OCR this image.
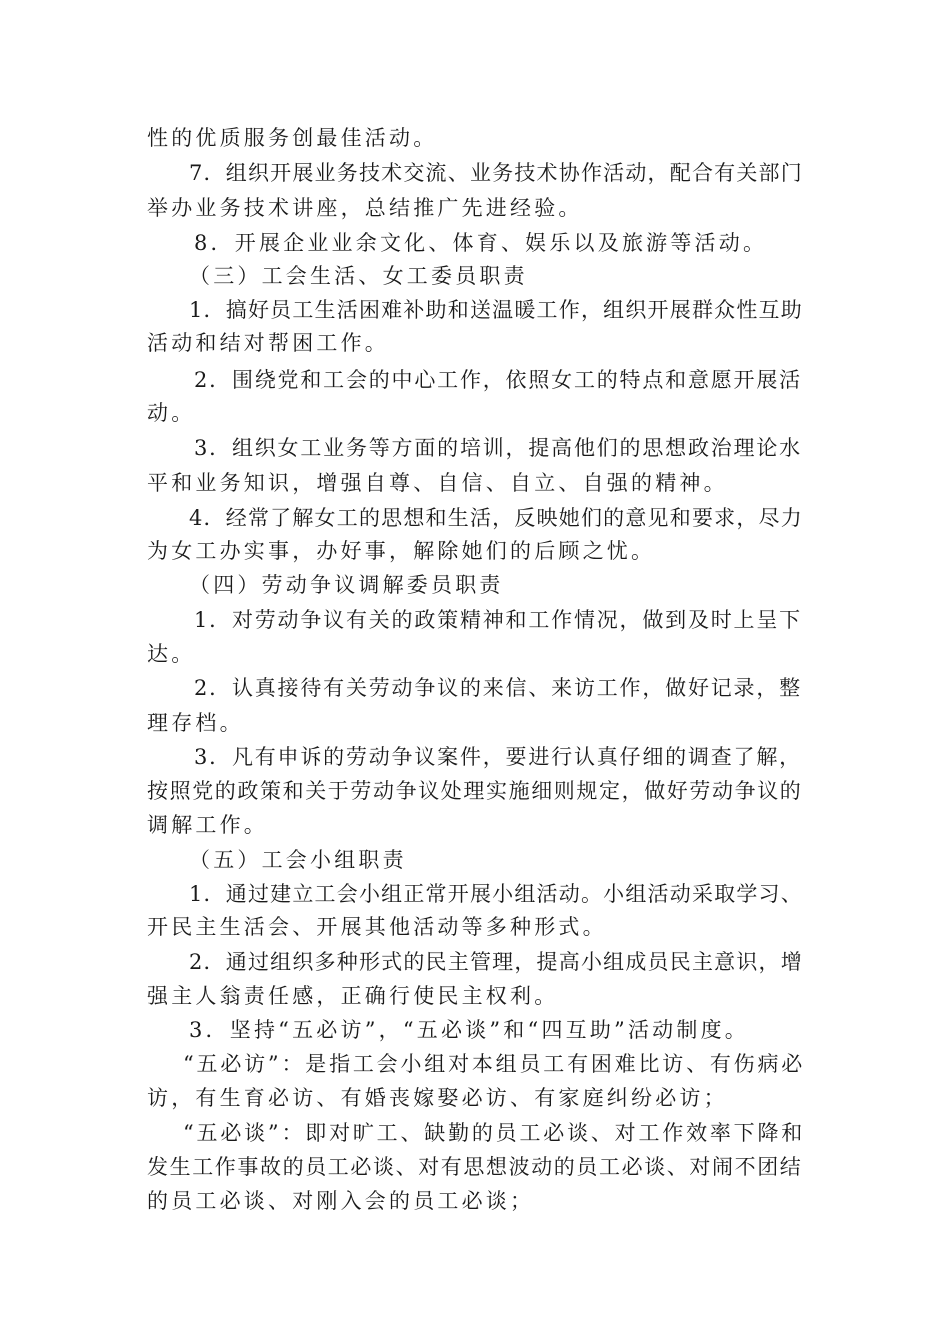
性的优质服务创最佳活动。
7．组织开展业务技术交流、业务技术协作活动，配合有关部门
举办业务技术讲座，总结推广先进经验。
8．开展企业业余文化、体育、娱乐以及旅游等活动。
（三）工会生活、女工委员职责
1．搞好员工生活困难补助和送温暖工作，组织开展群众性互助
活动和结对帮困工作。
2．围绕党和工会的中心工作，依照女工的特点和意愿开展活
动。
3．组织女工业务等方面的培训，提高他们的思想政治理论水
平和业务知识，增强自尊、自信、自立、自强的精神。
4．经常了解女工的思想和生活，反映她们的意见和要求，尽力
为女工办实事，办好事，解除她们的后顾之忧。
（四）劳动争议调解委员职责
1．对劳动争议有关的政策精神和工作情况，做到及时上呈下
达。
2．认真接待有关劳动争议的来信、来访工作，做好记录，整
理存档。
3．凡有申诉的劳动争议案件，要进行认真仔细的调查了解，
按照党的政策和关于劳动争议处理实施细则规定，做好劳动争议的
调解工作。
（五）工会小组职责
1．通过建立工会小组正常开展小组活动。小组活动采取学习、
开民主生活会、开展其他活动等多种形式。
2．通过组织多种形式的民主管理，提高小组成员民主意识，增
强主人翁责任感，正确行使民主权利。
3．坚持“五必访”，“五必谈”和“四互助”活动制度。
“五必访”：是指工会小组对本组员工有困难比访、有伤病必
访，有生育必访、有婚丧嫁娶必访、有家庭纠纷必访；
“五必谈”：即对旷工、缺勤的员工必谈、对工作效率下降和
发生工作事故的员工必谈、对有思想波动的员工必谈、对闹不团结
的员工必谈、对刚入会的员工必谈；
